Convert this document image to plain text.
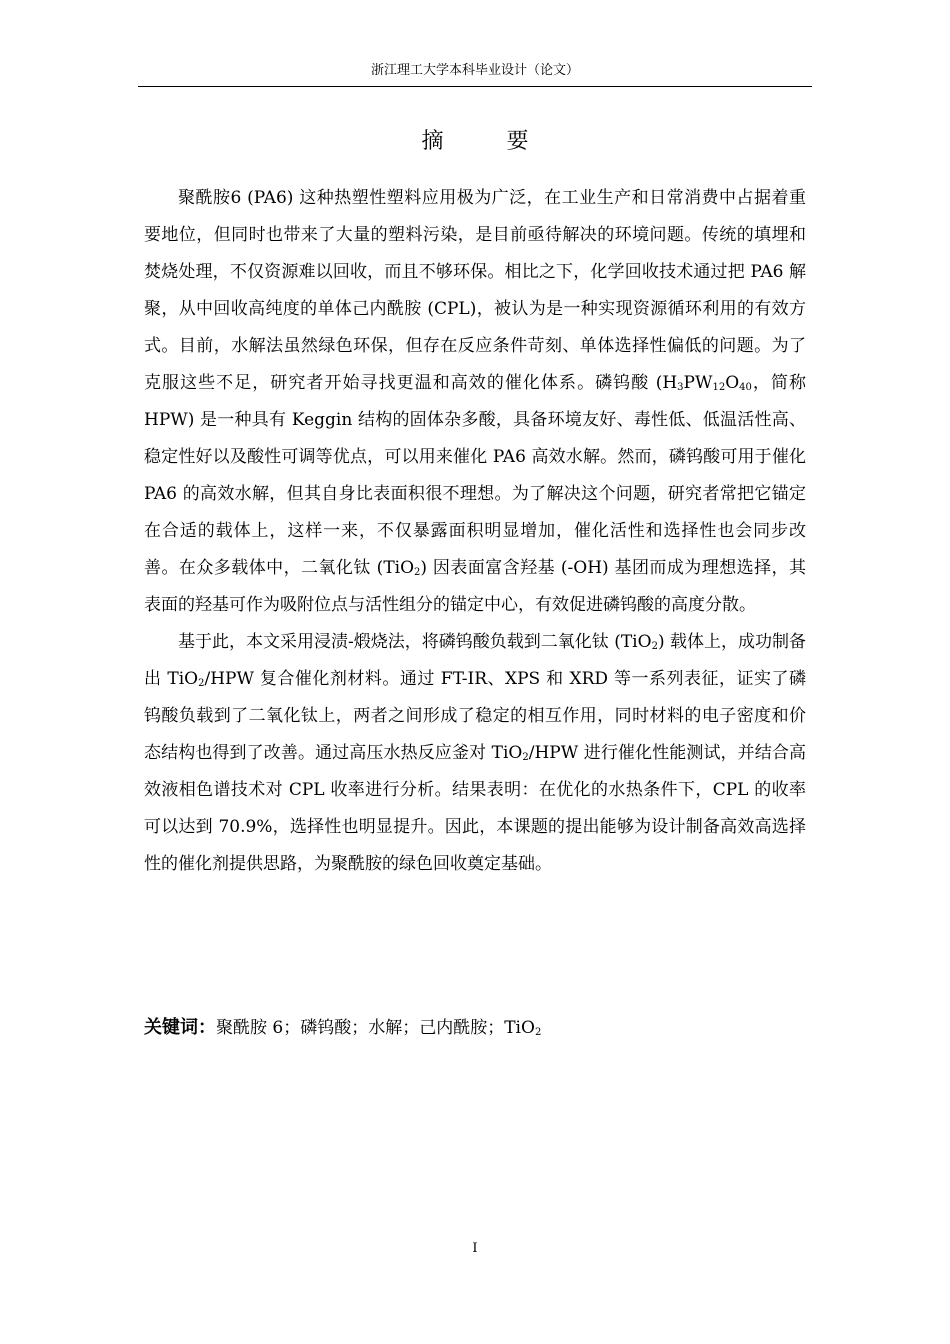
浙江理工大学本科毕业设计（论文）
摘 要

聚酰胺6 (PA6) 这种热塑性塑料应用极为广泛，在工业生产和日常消费中占据着重要地位，但同时也带来了大量的塑料污染，是目前亟待解决的环境问题。传统的填埋和焚烧处理，不仅资源难以回收，而且不够环保。相比之下，化学回收技术通过把 PA6 解聚，从中回收高纯度的单体己内酰胺 (CPL)，被认为是一种实现资源循环利用的有效方式。目前，水解法虽然绿色环保，但存在反应条件苛刻、单体选择性偏低的问题。为了克服这些不足，研究者开始寻找更温和高效的催化体系。磷钨酸 ($H_3PW_{12}O_{40}$，简称 HPW) 是一种具有 Keggin 结构的固体杂多酸，具备环境友好、毒性低、低温活性高、稳定性好以及酸性可调等优点，可以用来催化 PA6 高效水解。然而，磷钨酸可用于催化 PA6 的高效水解，但其自身比表面积很不理想。为了解决这个问题，研究者常把它锚定在合适的载体上，这样一来，不仅暴露面积明显增加，催化活性和选择性也会同步改善。在众多载体中，二氧化钛 (TiO$_2$) 因表面富含羟基 (-OH) 基团而成为理想选择，其表面的羟基可作为吸附位点与活性组分的锚定中心，有效促进磷钨酸的高度分散。

基于此，本文采用浸渍-煅烧法，将磷钨酸负载到二氧化钛 (TiO$_2$) 载体上，成功制备出 TiO$_2$/HPW 复合催化剂材料。通过 FT-IR、XPS 和 XRD 等一系列表征，证实了磷钨酸负载到了二氧化钛上，两者之间形成了稳定的相互作用，同时材料的电子密度和价态结构也得到了改善。通过高压水热反应釜对 TiO$_2$/HPW 进行催化性能测试，并结合高效液相色谱技术对 CPL 收率进行分析。结果表明：在优化的水热条件下，CPL 的收率可以达到 70.9%，选择性也明显提升。因此，本课题的提出能够为设计制备高效高选择性的催化剂提供思路，为聚酰胺的绿色回收奠定基础。

关键词：聚酰胺 6；磷钨酸；水解；己内酰胺；TiO$_2$
I
